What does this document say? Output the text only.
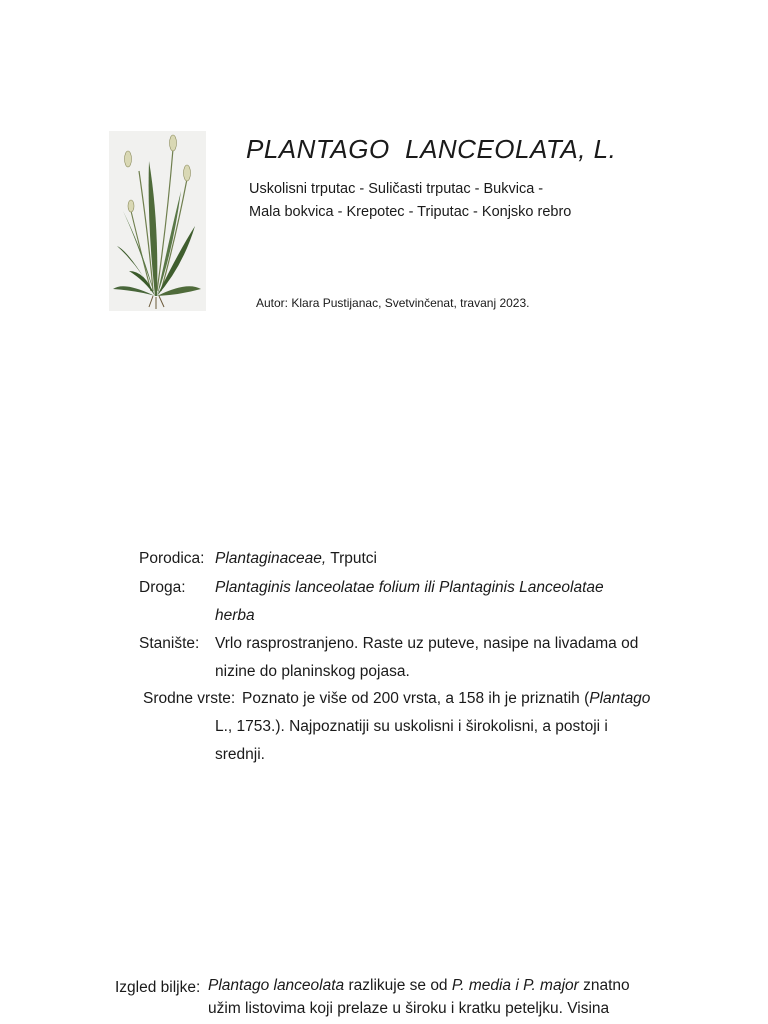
PLANTAGO  LANCEOLATA, L.
Uskolisni trputac - Suličasti trputac - Bukvica -
Mala bokvica - Krepotec - Triputac - Konjsko rebro
Autor: Klara Pustijanac, Svetvinčenat, travanj 2023.
Porodica: Plantaginaceae, Trputci
Droga: Plantaginis lanceolatae folium ili Plantaginis Lanceolatae herba
Stanište: Vrlo rasprostranjeno. Raste uz puteve, nasipe na livadama od nizine do planinskog pojasa.
Srodne vrste: Poznato je više od 200 vrsta, a 158 ih je priznatih (Plantago L., 1753.). Najpoznatiji su uskolisni i širokolisni, a postoji i srednji.
Izgled biljke: Plantago lanceolata razlikuje se od P. media i P. major znatno užim listovima koji prelaze u široku i kratku peteljku. Visina
